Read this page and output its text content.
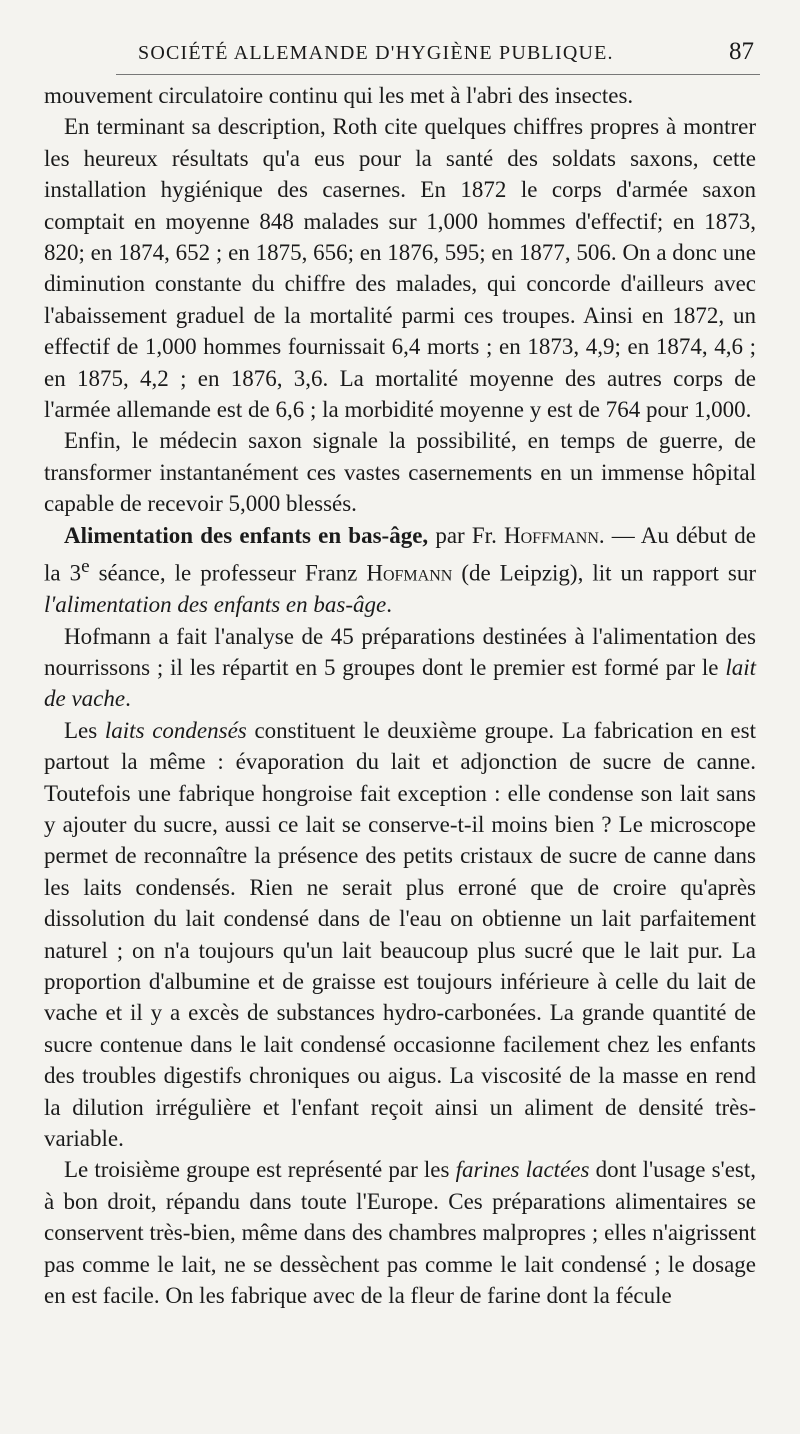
SOCIÉTÉ ALLEMANDE D'HYGIÈNE PUBLIQUE.	87

mouvement circulatoire continu qui les met à l'abri des insectes.

En terminant sa description, Roth cite quelques chiffres propres à montrer les heureux résultats qu'a eus pour la santé des soldats saxons, cette installation hygiénique des casernes. En 1872 le corps d'armée saxon comptait en moyenne 848 malades sur 1,000 hommes d'effectif; en 1873, 820; en 1874, 652 ; en 1875, 656; en 1876, 595; en 1877, 506. On a donc une diminution constante du chiffre des malades, qui concorde d'ailleurs avec l'abaissement graduel de la mortalité parmi ces troupes. Ainsi en 1872, un effectif de 1,000 hommes fournissait 6,4 morts ; en 1873, 4,9; en 1874, 4,6 ; en 1875, 4,2 ; en 1876, 3,6. La mortalité moyenne des autres corps de l'armée allemande est de 6,6 ; la morbidité moyenne y est de 764 pour 1,000.

Enfin, le médecin saxon signale la possibilité, en temps de guerre, de transformer instantanément ces vastes casernements en un immense hôpital capable de recevoir 5,000 blessés.

Alimentation des enfants en bas-âge, par Fr. Hoffmann. — Au début de la 3e séance, le professeur Franz Hofmann (de Leipzig), lit un rapport sur l'alimentation des enfants en bas-âge.

Hofmann a fait l'analyse de 45 préparations destinées à l'alimentation des nourrissons ; il les répartit en 5 groupes dont le premier est formé par le lait de vache.

Les laits condensés constituent le deuxième groupe. La fabrication en est partout la même : évaporation du lait et adjonction de sucre de canne. Toutefois une fabrique hongroise fait exception : elle condense son lait sans y ajouter du sucre, aussi ce lait se conserve-t-il moins bien ? Le microscope permet de reconnaître la présence des petits cristaux de sucre de canne dans les laits condensés. Rien ne serait plus erroné que de croire qu'après dissolution du lait condensé dans de l'eau on obtienne un lait parfaitement naturel ; on n'a toujours qu'un lait beaucoup plus sucré que le lait pur. La proportion d'albumine et de graisse est toujours inférieure à celle du lait de vache et il y a excès de substances hydro-carbonées. La grande quantité de sucre contenue dans le lait condensé occasionne facilement chez les enfants des troubles digestifs chroniques ou aigus. La viscosité de la masse en rend la dilution irrégulière et l'enfant reçoit ainsi un aliment de densité très-variable.

Le troisième groupe est représenté par les farines lactées dont l'usage s'est, à bon droit, répandu dans toute l'Europe. Ces préparations alimentaires se conservent très-bien, même dans des chambres malpropres ; elles n'aigrissent pas comme le lait, ne se dessèchent pas comme le lait condensé ; le dosage en est facile. On les fabrique avec de la fleur de farine dont la fécule
